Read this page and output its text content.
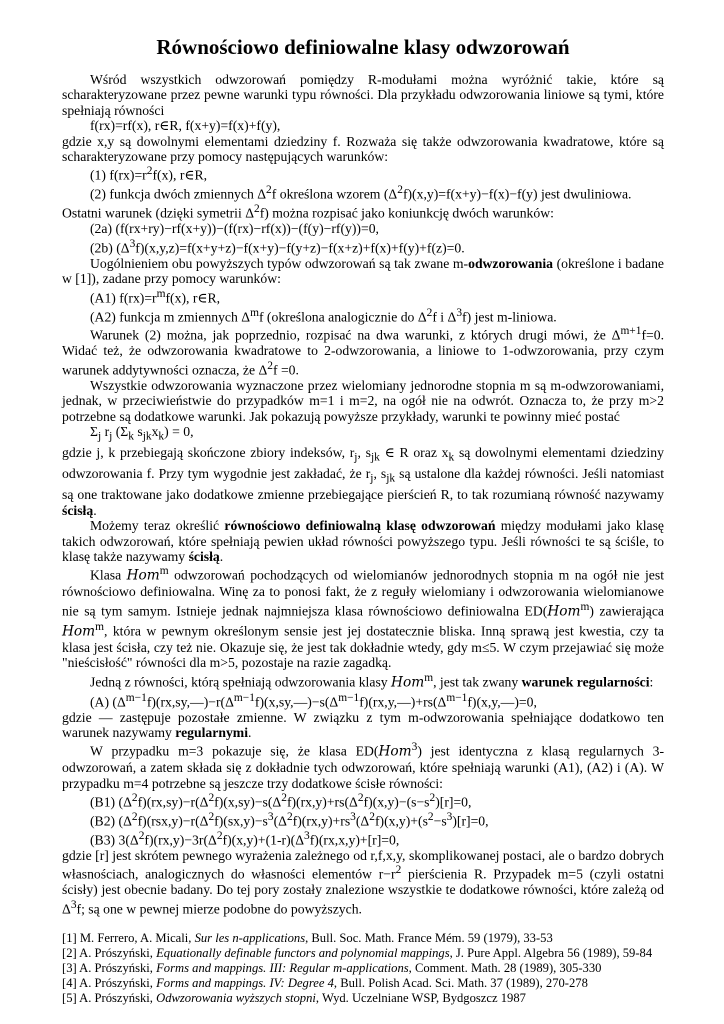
Równościowo definiowalne klasy odwzorowań

Wśród wszystkich odwzorowań pomiędzy R-modułami można wyróżnić takie, które są scharakteryzowane przez pewne warunki typu równości. Dla przykładu odwzorowania liniowe są tymi, które spełniają równości

f(rx)=rf(x), r∈R, f(x+y)=f(x)+f(y),

gdzie x,y są dowolnymi elementami dziedziny f. Rozważa się także odwzorowania kwadratowe, które są scharakteryzowane przy pomocy następujących warunków:

(1) $f(rx)=r^2f(x)$, r∈R,

(2) funkcja dwóch zmiennych $\Delta^2f$ określona wzorem $(\Delta^2f)(x,y)=f(x+y)-f(x)-f(y)$ jest dwuliniowa.

Ostatni warunek (dzięki symetrii $\Delta^2f$) można rozpisać jako koniunkcję dwóch warunków:

(2a) (f(rx+ry)−rf(x+y))−(f(rx)−rf(x))−(f(y)−rf(y))=0,

(2b) $(\Delta^3f)(x,y,z)=f(x+y+z)-f(x+y)-f(y+z)-f(x+z)+f(x)+f(y)+f(z)=0$.

Uogólnieniem obu powyższych typów odwzorowań są tak zwane m-odwzorowania (określone i badane w [1]), zadane przy pomocy warunków:

(A1) $f(rx)=r^mf(x)$, r∈R,

(A2) funkcja m zmiennych $\Delta^mf$ (określona analogicznie do $\Delta^2f$ i $\Delta^3f$) jest m-liniowa.

Warunek (2) można, jak poprzednio, rozpisać na dwa warunki, z których drugi mówi, że $\Delta^{m+1}f=0$. Widać też, że odwzorowania kwadratowe to 2-odwzorowania, a liniowe to 1-odwzorowania, przy czym warunek addytywności oznacza, że $\Delta^2f =0$.

Wszystkie odwzorowania wyznaczone przez wielomiany jednorodne stopnia m są m-odwzorowaniami, jednak, w przeciwieństwie do przypadków m=1 i m=2, na ogół nie na odwrót. Oznacza to, że przy m>2 potrzebne są dodatkowe warunki. Jak pokazują powyższe przykłady, warunki te powinny mieć postać

$\Sigma_j$ $r_j$ ($\Sigma_k$ $s_{jk}x_k) = 0$,

gdzie j, k przebiegają skończone zbiory indeksów, $r_j$, $s_{jk}$ ∈ R oraz $x_k$ są dowolnymi elementami dziedziny odwzorowania f. Przy tym wygodnie jest zakładać, że $r_j$, $s_{jk}$ są ustalone dla każdej równości. Jeśli natomiast są one traktowane jako dodatkowe zmienne przebiegające pierścień R, to tak rozumianą równość nazywamy ścisłą.

Możemy teraz określić równościowo definiowalną klasę odwzorowań między modułami jako klasę takich odwzorowań, które spełniają pewien układ równości powyższego typu. Jeśli równości te są ściśle, to klasę także nazywamy ścisłą.

Klasa Hom$^m$ odwzorowań pochodzących od wielomianów jednorodnych stopnia m na ogół nie jest równościowo definiowalna. Winę za to ponosi fakt, że z reguły wielomiany i odwzorowania wielomianowe nie są tym samym. Istnieje jednak najmniejsza klasa równościowo definiowalna ED(Hom$^m$) zawierająca Hom$^m$, która w pewnym określonym sensie jest jej dostatecznie bliska. Inną sprawą jest kwestia, czy ta klasa jest ścisła, czy też nie. Okazuje się, że jest tak dokładnie wtedy, gdy m≤5. W czym przejawiać się może "nieścisłość" równości dla m>5, pozostaje na razie zagadką.

Jedną z równości, którą spełniają odwzorowania klasy Hom$^m$, jest tak zwany warunek regularności:

(A) $(\Delta^{m-1}f)(rx,sy,—)-r(\Delta^{m-1}f)(x,sy,—)-s(\Delta^{m-1}f)(rx,y,—)+rs(\Delta^{m-1}f)(x,y,—)=0$,

gdzie — zastępuje pozostałe zmienne. W związku z tym m-odwzorowania spełniające dodatkowo ten warunek nazywamy regularnymi.

W przypadku m=3 pokazuje się, że klasa ED(Hom$^3$) jest identyczna z klasą regularnych 3-odwzorowań, a zatem składa się z dokładnie tych odwzorowań, które spełniają warunki (A1), (A2) i (A). W przypadku m=4 potrzebne są jeszcze trzy dodatkowe ścisłe równości:

(B1) $(\Delta^2f)(rx,sy)-r(\Delta^2f)(x,sy)-s(\Delta^2f)(rx,y)+rs(\Delta^2f)(x,y)-(s-s^2)[r]=0$,

(B2) $(\Delta^2f)(rsx,y)-r(\Delta^2f)(sx,y)-s^3(\Delta^2f)(rx,y)+rs^3(\Delta^2f)(x,y)+(s^2-s^3)[r]=0$,

(B3) $3(\Delta^2f)(rx,y)-3r(\Delta^2f)(x,y)+(1-r)(\Delta^3f)(rx,x,y)+[r]=0$,

gdzie [r] jest skrótem pewnego wyrażenia zależnego od r,f,x,y, skomplikowanej postaci, ale o bardzo dobrych własnościach, analogicznych do własności elementów $r-r^2$ pierścienia R. Przypadek m=5 (czyli ostatni ścisły) jest obecnie badany. Do tej pory zostały znalezione wszystkie te dodatkowe równości, które zależą od $\Delta^3f$; są one w pewnej mierze podobne do powyższych.

[1] M. Ferrero, A. Micali, Sur les n-applications, Bull. Soc. Math. France Mém. 59 (1979), 33-53

[2] A. Prószyński, Equationally definable functors and polynomial mappings, J. Pure Appl. Algebra 56 (1989), 59-84

[3] A. Prószyński, Forms and mappings. III: Regular m-applications, Comment. Math. 28 (1989), 305-330

[4] A. Prószyński, Forms and mappings. IV: Degree 4, Bull. Polish Acad. Sci. Math. 37 (1989), 270-278

[5] A. Prószyński, Odwzorowania wyższych stopni, Wyd. Uczelniane WSP, Bydgoszcz 1987
